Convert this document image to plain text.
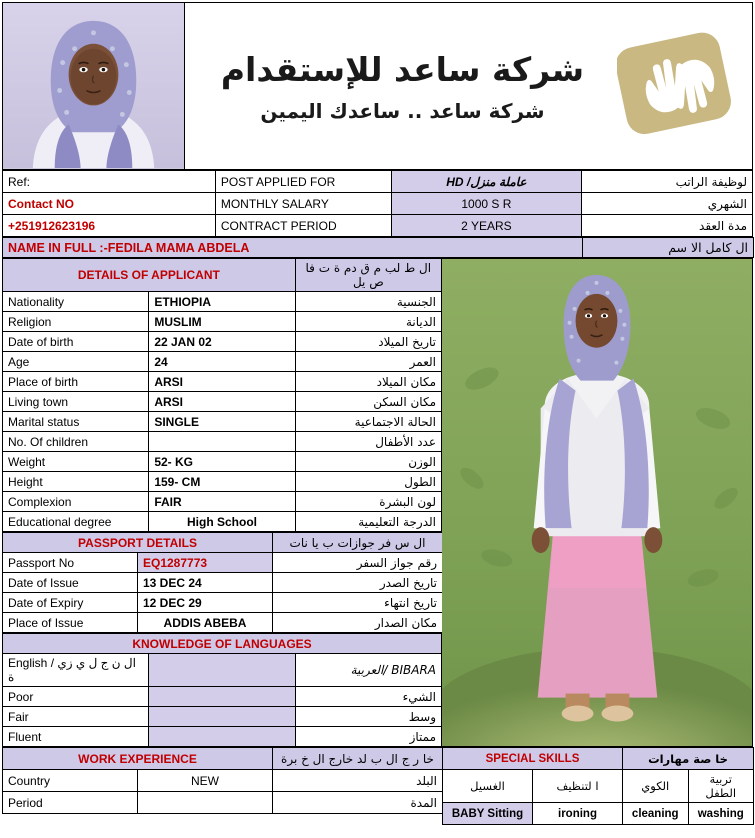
شركة ساعد للإستقدام
شركة ساعد .. ساعدك اليمين
Ref:	POST APPLIED FOR	HD /عاملة منزل	لوظيفة الراتب
Contact NO	MONTHLY SALARY	1000 S R	الشهري
+251912623196	CONTRACT PERIOD	2 YEARS	مدة العقد
NAME IN FULL :-FEDILA MAMA ABDELA	ال كامل الا سم
DETAILS OF APPLICANT		ال ط لب م ق دم ة ت فا ص يل
Nationality	ETHIOPIA	الجنسية
Religion	MUSLIM	الديانة
Date of birth	22 JAN 02	تاريخ الميلاد
Age	24	العمر
Place of birth	ARSI	مكان الميلاد
Living town	ARSI	مكان السكن
Marital status	SINGLE	الحالة الاجتماعية
No. Of children		عدد الأطفال
Weight	52- KG	الوزن
Height	159- CM	الطول
Complexion	FAIR	لون البشرة
Educational degree	High School	الدرجة التعليمية
PASSPORT DETAILS		ال س فر جوازات ب يا نات
Passport No	EQ1287773	رقم جواز السفر
Date of Issue	13 DEC 24	تاريخ الصدر
Date of Expiry	12 DEC 29	تاريخ انتهاء
Place of Issue	ADDIS ABEBA	مكان الصدار
KNOWLEDGE OF LANGUAGES		
English / ال ن ج ل ي زي ة		BIBARA /العربية
Poor		الشيء
Fair		وسط
Fluent		ممتاز
WORK EXPERIENCE		خا ر ج ال ب لد خارج ال خ برة
Country	NEW	البلد
Period		المدة
SPECIAL SKILLS		خا صة مهارات	
الغسيل	ا لتنظيف	الكوي	تربية الطفل
BABY Sitting	ironing	cleaning	washing
